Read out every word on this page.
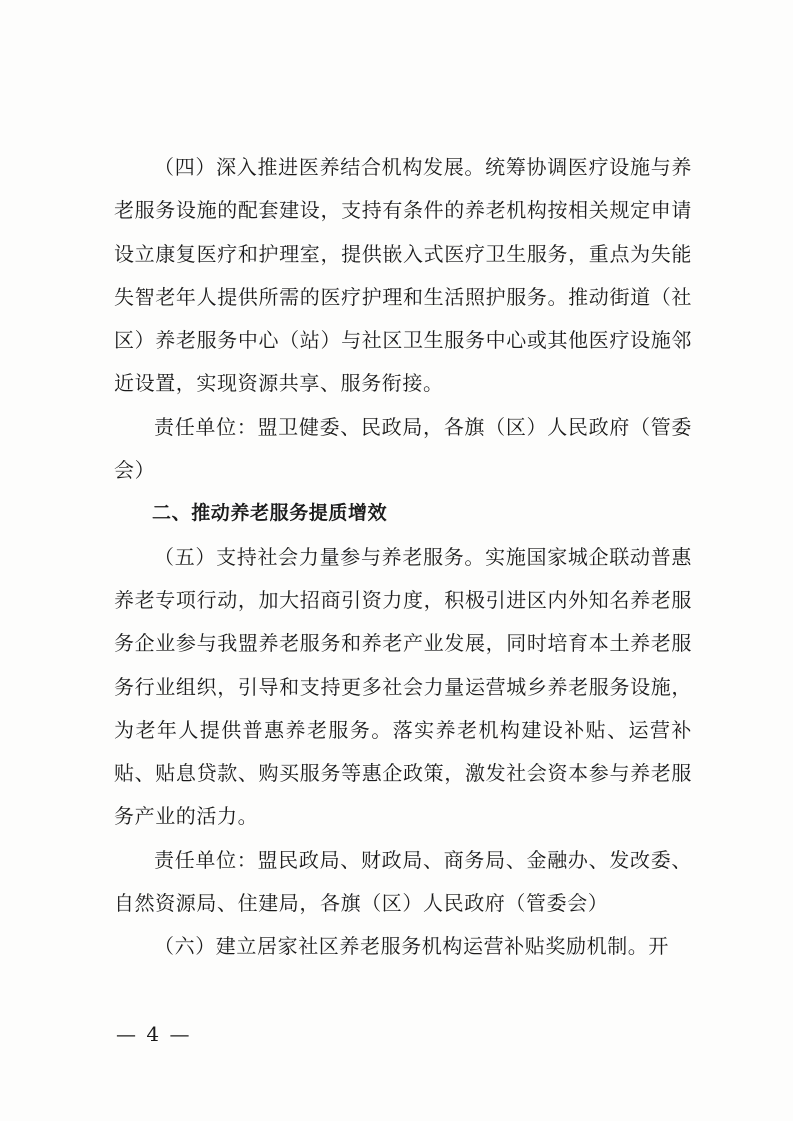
（四）深入推进医养结合机构发展。统筹协调医疗设施与养老服务设施的配套建设，支持有条件的养老机构按相关规定申请设立康复医疗和护理室，提供嵌入式医疗卫生服务，重点为失能失智老年人提供所需的医疗护理和生活照护服务。推动街道（社区）养老服务中心（站）与社区卫生服务中心或其他医疗设施邻近设置，实现资源共享、服务衔接。

责任单位：盟卫健委、民政局，各旗（区）人民政府（管委会）

二、推动养老服务提质增效

（五）支持社会力量参与养老服务。实施国家城企联动普惠养老专项行动，加大招商引资力度，积极引进区内外知名养老服务企业参与我盟养老服务和养老产业发展，同时培育本土养老服务行业组织，引导和支持更多社会力量运营城乡养老服务设施，为老年人提供普惠养老服务。落实养老机构建设补贴、运营补贴、贴息贷款、购买服务等惠企政策，激发社会资本参与养老服务产业的活力。

责任单位：盟民政局、财政局、商务局、金融办、发改委、自然资源局、住建局，各旗（区）人民政府（管委会）

（六）建立居家社区养老服务机构运营补贴奖励机制。开

— 4 —
